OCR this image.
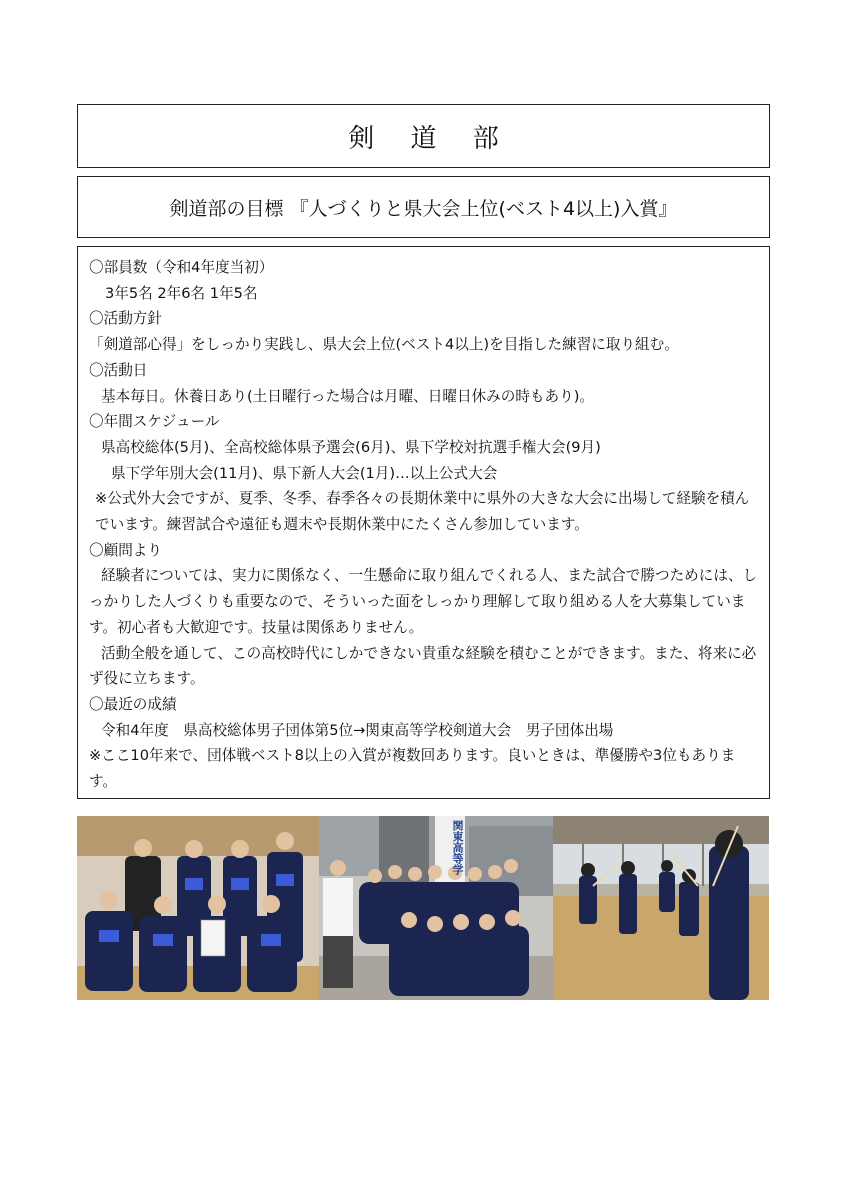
剣 道 部
剣道部の目標 『人づくりと県大会上位(ベスト4以上)入賞』
〇部員数（令和4年度当初）
3年5名 2年6名 1年5名
〇活動方針
「剣道部心得」をしっかり実践し、県大会上位(ベスト4以上)を目指した練習に取り組む。
〇活動日
基本毎日。休養日あり(土日曜行った場合は月曜、日曜日休みの時もあり)。
〇年間スケジュール
県高校総体(5月)、全高校総体県予選会(6月)、県下学校対抗選手権大会(9月)
県下学年別大会(11月)、県下新人大会(1月)…以上公式大会
※公式外大会ですが、夏季、冬季、春季各々の長期休業中に県外の大きな大会に出場して経験を積んでいます。練習試合や遠征も週末や長期休業中にたくさん参加しています。
〇顧問より
経験者については、実力に関係なく、一生懸命に取り組んでくれる人、また試合で勝つためには、しっかりした人づくりも重要なので、そういった面をしっかり理解して取り組める人を大募集しています。初心者も大歓迎です。技量は関係ありません。
活動全般を通して、この高校時代にしかできない貴重な経験を積むことができます。また、将来に必ず役に立ちます。
〇最近の成績
令和4年度　県高校総体男子団体第5位→関東高等学校剣道大会　男子団体出場
※ここ10年来で、団体戦ベスト8以上の入賞が複数回あります。良いときは、準優勝や3位もあります。
関東高等学
